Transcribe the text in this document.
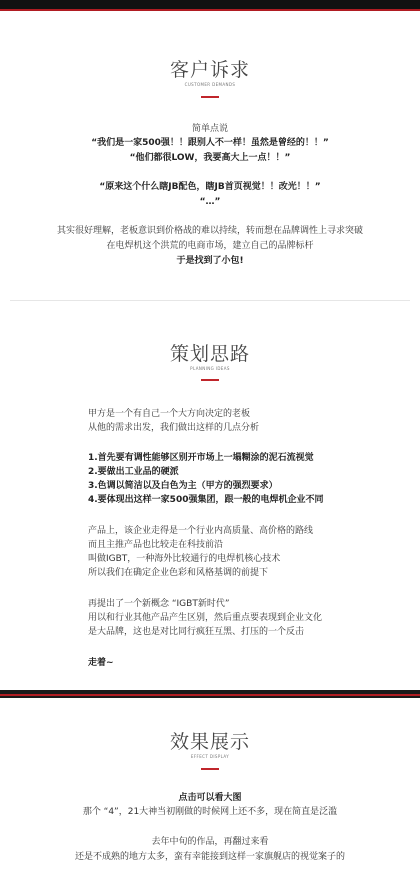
客户诉求
CUSTOMER DEMANDS
简单点说
“我们是一家500强！！跟别人不一样！虽然是曾经的！！”
“他们都很LOW，我要高大上一点！！”
“原来这个什么瞎JB配色，瞎JB首页视觉！！改光！！”
“…”
其实很好理解，老板意识到价格战的难以持续，转而想在品牌调性上寻求突破
在电焊机这个洪荒的电商市场，建立自己的品牌标杆
于是找到了小包!
策划思路
PLANNING IDEAS
甲方是一个有自己一个大方向决定的老板
从他的需求出发，我们做出这样的几点分析
1.首先要有调性能够区别开市场上一塌糊涂的泥石流视觉
2.要做出工业品的硬派
3.色调以简洁以及白色为主（甲方的强烈要求）
4.要体现出这样一家500强集团，跟一般的电焊机企业不同
产品上，该企业走得是一个行业内高质量、高价格的路线
而且主推产品也比较走在科技前沿
叫做IGBT，一种海外比较通行的电焊机核心技术
所以我们在确定企业色彩和风格基调的前提下
再提出了一个新概念 “IGBT新时代”
用以和行业其他产品产生区别，然后重点要表现到企业文化
是大品牌，这也是对比同行疯狂互黑、打压的一个反击
走着~
效果展示
EFFECT DISPLAY
点击可以看大图
那个 “4”，21大神当初刚做的时候网上还不多，现在简直是泛滥
去年中旬的作品，再翻过来看
还是不成熟的地方太多，蛮有幸能接到这样一家旗舰店的视觉案子的
